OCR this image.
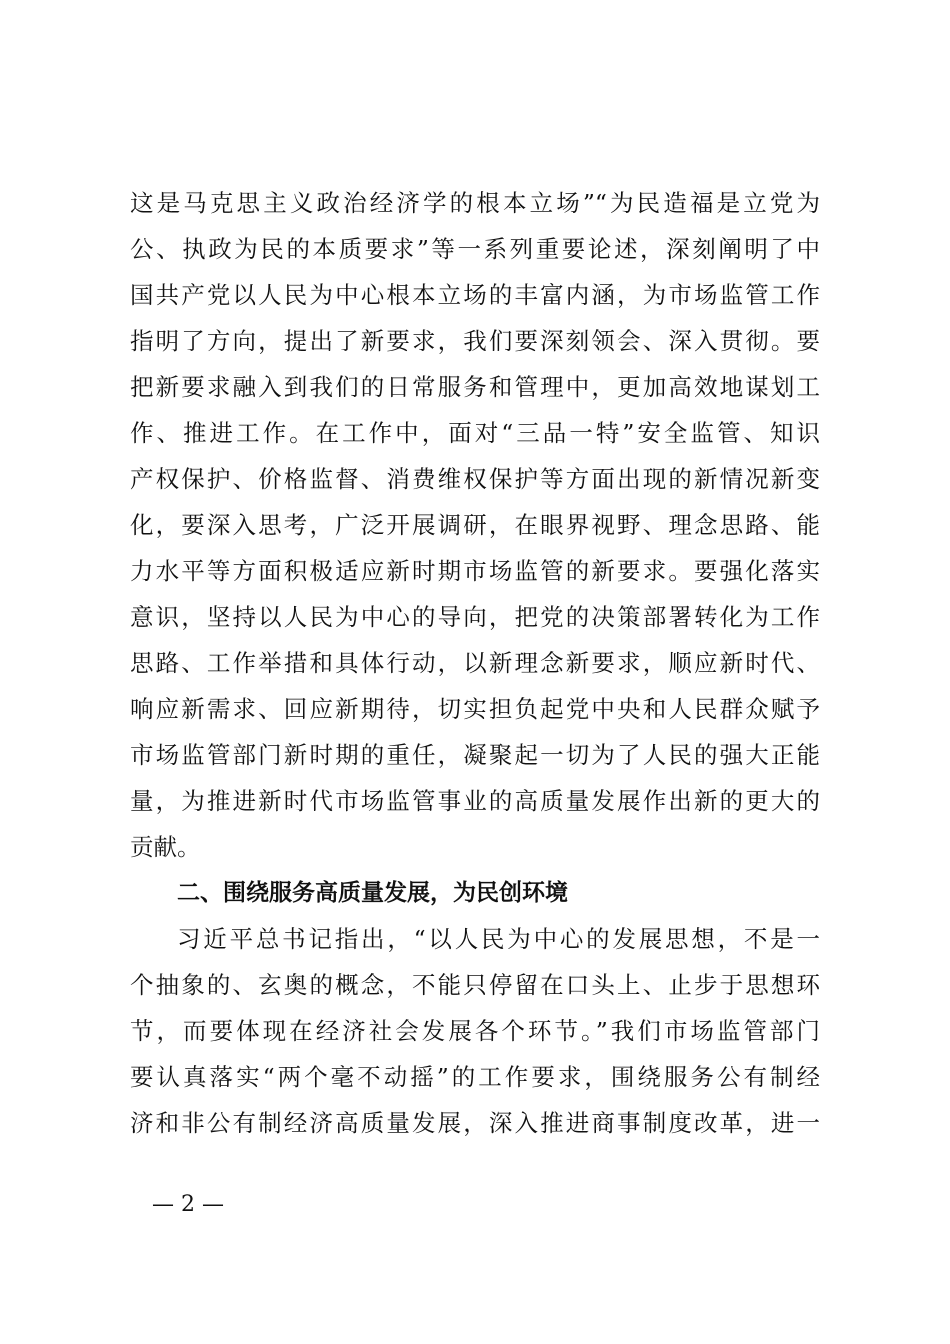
这是马克思主义政治经济学的根本立场”“为民造福是立党为
公、执政为民的本质要求”等一系列重要论述，深刻阐明了中
国共产党以人民为中心根本立场的丰富内涵，为市场监管工作
指明了方向，提出了新要求，我们要深刻领会、深入贯彻。要
把新要求融入到我们的日常服务和管理中，更加高效地谋划工
作、推进工作。在工作中，面对“三品一特”安全监管、知识
产权保护、价格监督、消费维权保护等方面出现的新情况新变
化，要深入思考，广泛开展调研，在眼界视野、理念思路、能
力水平等方面积极适应新时期市场监管的新要求。要强化落实
意识，坚持以人民为中心的导向，把党的决策部署转化为工作
思路、工作举措和具体行动，以新理念新要求，顺应新时代、
响应新需求、回应新期待，切实担负起党中央和人民群众赋予
市场监管部门新时期的重任，凝聚起一切为了人民的强大正能
量，为推进新时代市场监管事业的高质量发展作出新的更大的
贡献。
二、围绕服务高质量发展，为民创环境
习近平总书记指出，“以人民为中心的发展思想，不是一
个抽象的、玄奥的概念，不能只停留在口头上、止步于思想环
节，而要体现在经济社会发展各个环节。”我们市场监管部门
要认真落实“两个毫不动摇”的工作要求，围绕服务公有制经
济和非公有制经济高质量发展，深入推进商事制度改革，进一
— 2 —
